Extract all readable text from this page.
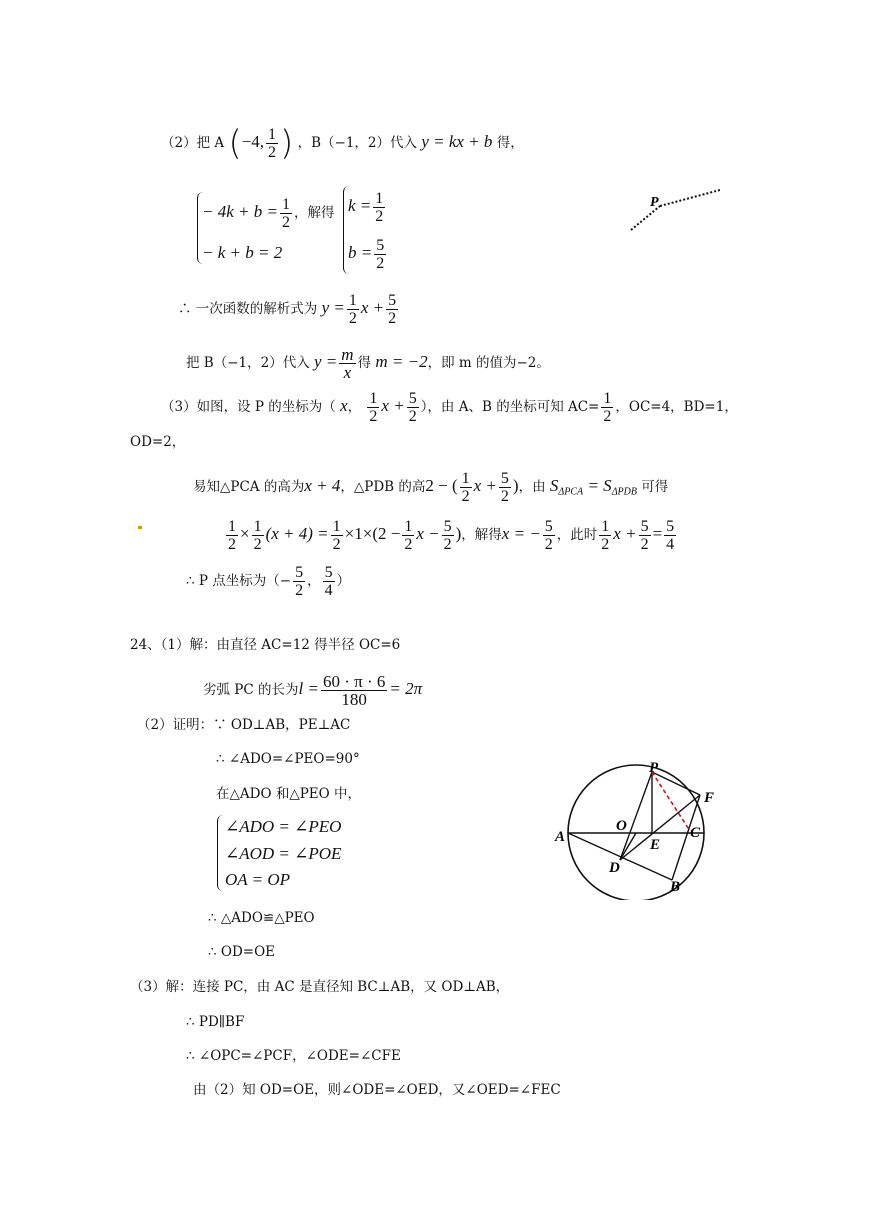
（2）把 A (−4, $\frac{1}{2}$ ) ，B（−1，2）代入 y = kx + b 得，
− $4k + b = \frac{1}{2}$ ，解得
− k + b = 2
$k = \frac{1}{2}$
$b = \frac{5}{2}$
P
∴ 一次函数的解析式为 $y = \frac{1}{2}$ $x + \frac{5}{2}$
把 B（−1，2）代入 $y = \frac{m}{x}$ 得 m = −2，即 m 的值为−2。
（3）如图，设 P 的坐标为（ x， $\frac{1}{2}$ $x + \frac{5}{2}$ ），由 A、B 的坐标可知 $AC= \frac{1}{2}$ ，OC=4，BD=1，
OD=2，
易知△PCA 的高为x + 4，△PDB 的高2 − ( $\frac{1}{2}$ $x + \frac{5}{2}$ )，由 $S_{\Delta PCA} = S_{\Delta PDB}$ 可得
$\frac{1}{2} \times \frac{1}{2} (x + 4) = \frac{1}{2} \times 1\times(2 - \frac{1}{2}$ $x - \frac{5}{2}$ )，解得x = − $\frac{5}{2}$ ，此时 $\frac{1}{2}$ $x + \frac{5}{2} = \frac{5}{4}$
∴ P 点坐标为（− $\frac{5}{2}$ ， $\frac{5}{4}$ ）
24、（1）解：由直径 AC=12 得半径 OC=6
劣弧 PC 的长为$l = \frac{60 \cdot \pi \cdot 6}{180} = 2\pi$
（2）证明：∵ OD⊥AB，PE⊥AC
∴ ∠ADO=∠PEO=90°
在△ADO 和△PEO 中，
∠ADO = ∠PEO
∠AOD = ∠POE
OA = OP
∴ △ADO≌△PEO
∴ OD=OE
P
F
A
O	C
E
D
B
（3）解：连接 PC，由 AC 是直径知 BC⊥AB，又 OD⊥AB，
∴ PD∥BF
∴ ∠OPC=∠PCF，∠ODE=∠CFE
由（2）知 OD=OE，则∠ODE=∠OED，又∠OED=∠FEC
